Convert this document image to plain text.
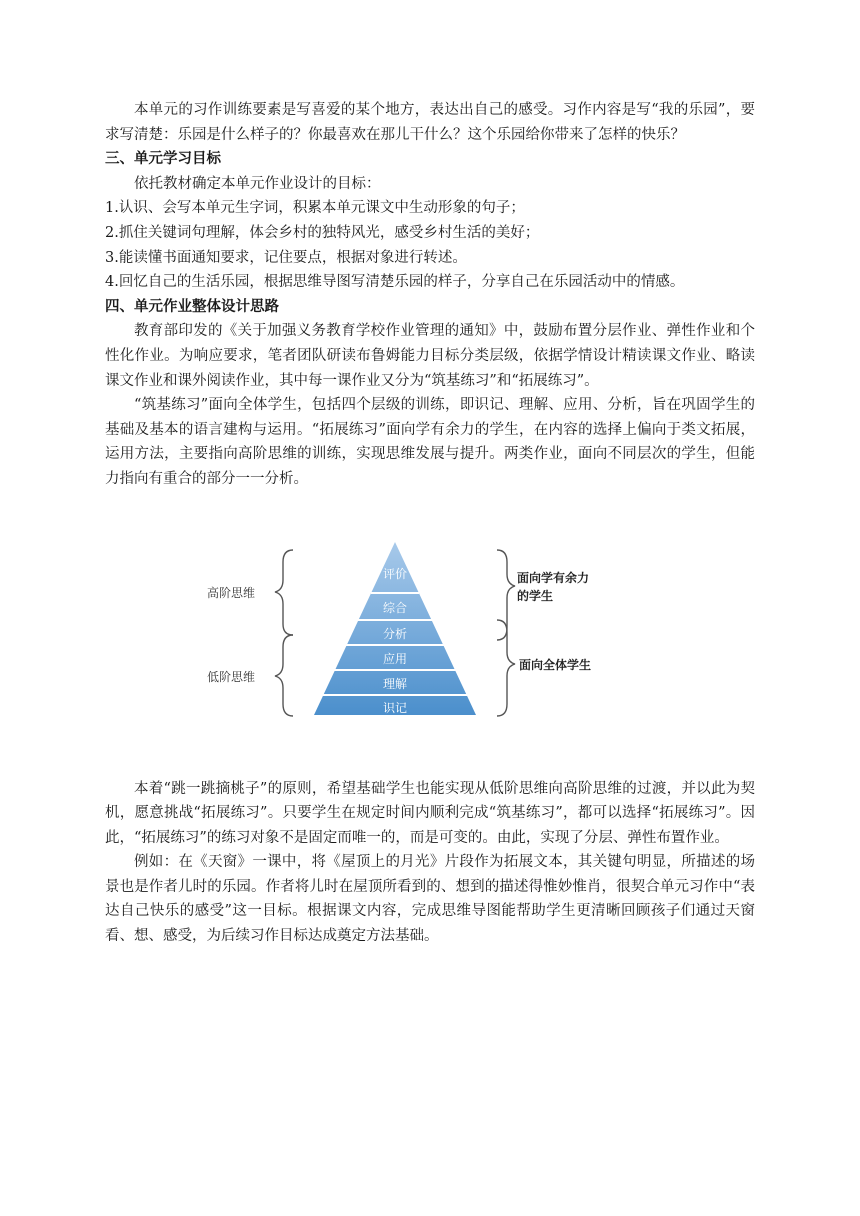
本单元的习作训练要素是写喜爱的某个地方，表达出自己的感受。习作内容是写“我的乐园”，要求写清楚：乐园是什么样子的？你最喜欢在那儿干什么？这个乐园给你带来了怎样的快乐？

三、单元学习目标

依托教材确定本单元作业设计的目标：

1.认识、会写本单元生字词，积累本单元课文中生动形象的句子；

2.抓住关键词句理解，体会乡村的独特风光，感受乡村生活的美好；

3.能读懂书面通知要求，记住要点，根据对象进行转述。

4.回忆自己的生活乐园，根据思维导图写清楚乐园的样子，分享自己在乐园活动中的情感。

四、单元作业整体设计思路

教育部印发的《关于加强义务教育学校作业管理的通知》中，鼓励布置分层作业、弹性作业和个性化作业。为响应要求，笔者团队研读布鲁姆能力目标分类层级，依据学情设计精读课文作业、略读课文作业和课外阅读作业，其中每一课作业又分为“筑基练习”和“拓展练习”。

“筑基练习”面向全体学生，包括四个层级的训练，即识记、理解、应用、分析，旨在巩固学生的基础及基本的语言建构与运用。“拓展练习”面向学有余力的学生，在内容的选择上偏向于类文拓展，运用方法，主要指向高阶思维的训练，实现思维发展与提升。两类作业，面向不同层次的学生，但能力指向有重合的部分一一分析。

评价
综合
分析
应用
理解
识记
高阶思维
低阶思维
面向学有余力
的学生
面向全体学生

本着“跳一跳摘桃子”的原则，希望基础学生也能实现从低阶思维向高阶思维的过渡，并以此为契机，愿意挑战“拓展练习”。只要学生在规定时间内顺利完成“筑基练习”，都可以选择“拓展练习”。因此，“拓展练习”的练习对象不是固定而唯一的，而是可变的。由此，实现了分层、弹性布置作业。

例如：在《天窗》一课中，将《屋顶上的月光》片段作为拓展文本，其关键句明显，所描述的场景也是作者儿时的乐园。作者将儿时在屋顶所看到的、想到的描述得惟妙惟肖，很契合单元习作中“表达自己快乐的感受”这一目标。根据课文内容，完成思维导图能帮助学生更清晰回顾孩子们通过天窗看、想、感受，为后续习作目标达成奠定方法基础。
